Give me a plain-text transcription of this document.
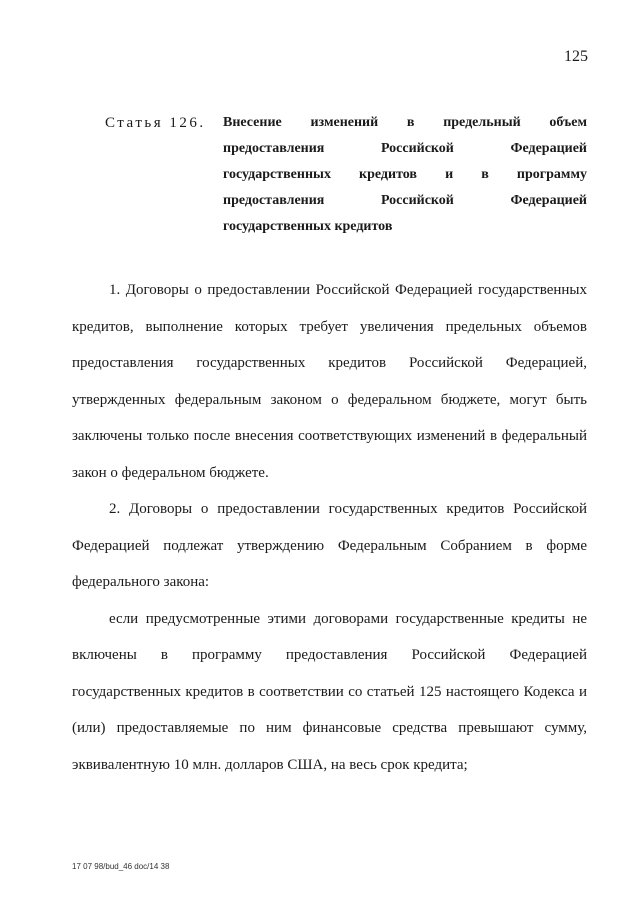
125
Статья 126.	Внесение изменений в предельный объем
предоставления Российской Федерацией
государственных кредитов и в программу
предоставления Российской Федерацией
государственных кредитов

1. Договоры о предоставлении Российской Федерацией государственных кредитов, выполнение которых требует увеличения предельных объемов предоставления государственных кредитов Российской Федерацией, утвержденных федеральным законом о федеральном бюджете, могут быть заключены только после внесения соответствующих изменений в федеральный закон о федеральном бюджете.

2. Договоры о предоставлении государственных кредитов Российской Федерацией подлежат утверждению Федеральным Собранием в форме федерального закона:

если предусмотренные этими договорами государственные кредиты не включены в программу предоставления Российской Федерацией государственных кредитов в соответствии со статьей 125 настоящего Кодекса и (или) предоставляемые по ним финансовые средства превышают сумму, эквивалентную 10 млн. долларов США, на весь срок кредита;

17 07 98/bud_46 doc/14 38
